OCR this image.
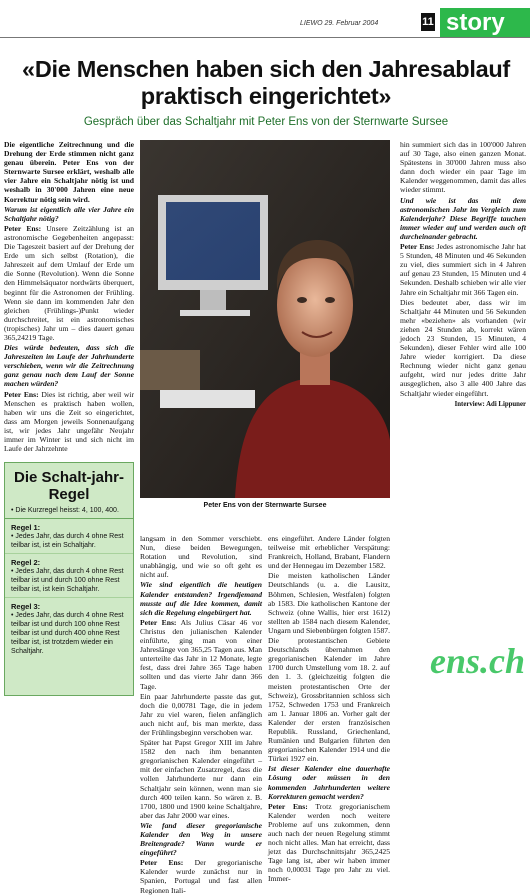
LIEWO 29. Februar 2004	11 story
«Die Menschen haben sich den Jahresablauf praktisch eingerichtet»
Gespräch über das Schaltjahr mit Peter Ens von der Sternwarte Sursee

Die eigentliche Zeitrechnung und die Drehung der Erde stimmen nicht ganz genau überein. Peter Ens von der Sternwarte Sursee erklärt, weshalb alle vier Jahre ein Schaltjahr nötig ist und weshalb in 30'000 Jahren eine neue Korrektur nötig sein wird.

Warum ist eigentlich alle vier Jahre ein Schaltjahr nötig?

Peter Ens: Unsere Zeitzählung ist an astronomische Gegebenheiten angepasst: Die Tageszeit basiert auf der Drehung der Erde um sich selbst (Rotation), die Jahreszeit auf dem Umlauf der Erde um die Sonne (Revolution). Wenn die Sonne den Himmelsäquator nordwärts überquert, beginnt für die Astronomen der Frühling. Wenn sie dann im kommenden Jahr den gleichen (Frühlings-)Punkt wieder durchschreitet, ist ein astronomisches (tropisches) Jahr um – dies dauert genau 365,24219 Tage.

Dies würde bedeuten, dass sich die Jahreszeiten im Laufe der Jahrhunderte verschieben, wenn wir die Zeitrechnung ganz genau nach dem Lauf der Sonne machen würden?

Peter Ens: Dies ist richtig, aber weil wir Menschen es praktisch haben wollen, haben wir uns die Zeit so eingerichtet, dass am Morgen jeweils Sonnenaufgang ist, wir jedes Jahr ungefähr Neujahr immer im Winter ist und sich nicht im Laufe der Jahrzehnte

Die Schalt-jahr-Regel
• Die Kurzregel heisst: 4, 100, 400.
Regel 1:
• Jedes Jahr, das durch 4 ohne Rest teilbar ist, ist ein Schaltjahr.
Regel 2:
• Jedes Jahr, das durch 4 ohne Rest teilbar ist und durch 100 ohne Rest teilbar ist, ist kein Schaltjahr.
Regel 3:
• Jedes Jahr, das durch 4 ohne Rest teilbar ist und durch 100 ohne Rest teilbar ist und durch 400 ohne Rest teilbar ist, ist trotzdem wieder ein Schaltjahr.
Peter Ens von der Sternwarte Sursee

langsam in den Sommer verschiebt. Nun, diese beiden Bewegungen, Rotation und Revolution, sind unabhängig, und wie so oft geht es nicht auf.

Wie sind eigentlich die heutigen Kalender entstanden? Irgendjemand musste auf die Idee kommen, damit sich die Regelung eingebürgert hat.

Peter Ens: Als Julius Cäsar 46 vor Christus den julianischen Kalender einführte, ging man von einer Jahreslänge von 365,25 Tagen aus. Man unterteilte das Jahr in 12 Monate, legte fest, dass drei Jahre 365 Tage haben sollten und das vierte Jahr dann 366 Tage.

Ein paar Jahrhunderte passte das gut, doch die 0,00781 Tage, die in jedem Jahr zu viel waren, fielen anfänglich auch nicht auf, bis man merkte, dass der Frühlingsbeginn verschoben war.

Später hat Papst Gregor XIII im Jahre 1582 den nach ihm benannten gregorianischen Kalender eingeführt – mit der einfachen Zusatzregel, dass die vollen Jahrhunderte nur dann ein Schaltjahr sein können, wenn man sie durch 400 teilen kann. So wären z. B. 1700, 1800 und 1900 keine Schaltjahre, aber das Jahr 2000 war eines.

Wie fand dieser gregorianische Kalender den Weg in unsere Breitengrade? Wann wurde er eingeführt?

Peter Ens: Der gregorianische Kalender wurde zunächst nur in Spanien, Portugal und fast allen Regionen Itali-

ens eingeführt. Andere Länder folgten teilweise mit erheblicher Verspätung: Frankreich, Holland, Brabant, Flandern und der Hennegau im Dezember 1582.

Die meisten katholischen Länder Deutschlands (u. a. die Lausitz, Böhmen, Schlesien, Westfalen) folgten ab 1583. Die katholischen Kantone der Schweiz (ohne Wallis, hier erst 1612) stellten ab 1584 nach diesem Kalender, Ungarn und Siebenbürgen folgten 1587.

Die protestantischen Gebiete Deutschlands übernahmen den gregorianischen Kalender im Jahre 1700 durch Umstellung vom 18. 2. auf den 1. 3. (gleichzeitig folgten die meisten protestantischen Orte der Schweiz), Grossbritannien schloss sich 1752, Schweden 1753 und Frankreich am 1. Januar 1806 an. Vorher galt der Kalender der ersten französischen Republik. Russland, Griechenland, Rumänien und Bulgarien führten den gregorianischen Kalender 1914 und die Türkei 1927 ein.

Ist dieser Kalender eine dauerhafte Lösung oder müssen in den kommenden Jahrhunderten weitere Korrekturen gemacht werden?

Peter Ens: Trotz gregorianischem Kalender werden noch weitere Probleme auf uns zukommen, denn auch nach der neuen Regelung stimmt noch nicht alles. Man hat erreicht, dass jetzt das Durchschnittsjahr 365,2425 Tage lang ist, aber wir haben immer noch 0,00031 Tage pro Jahr zu viel. Immer-

hin summiert sich das in 100'000 Jahren auf 30 Tage, also einen ganzen Monat. Spätestens in 30'000 Jahren muss also dann doch wieder ein paar Tage im Kalender weggenommen, damit das alles wieder stimmt.

Und wie ist das mit dem astronomischen Jahr im Vergleich zum Kalenderjahr? Diese Begriffe tauchen immer wieder auf und werden auch oft durcheinander gebracht.

Peter Ens: Jedes astronomische Jahr hat 5 Stunden, 48 Minuten und 46 Sekunden zu viel, dies summiert sich in 4 Jahren auf genau 23 Stunden, 15 Minuten und 4 Sekunden. Deshalb schieben wir alle vier Jahre ein Schaltjahr mit 366 Tagen ein.

Dies bedeutet aber, dass wir im Schaltjahr 44 Minuten und 56 Sekunden mehr «beziehen» als vorhanden (wir ziehen 24 Stunden ab, korrekt wären jedoch 23 Stunden, 15 Minuten, 4 Sekunden), dieser Fehler wird alle 100 Jahre wieder korrigiert. Da diese Rechnung wieder nicht ganz genau aufgeht, wird nur jedes dritte Jahr ausgeglichen, also 3 alle 400 Jahre das Schaltjahr wieder eingeführt.

Interview: Adi Lippuner
ens.ch
